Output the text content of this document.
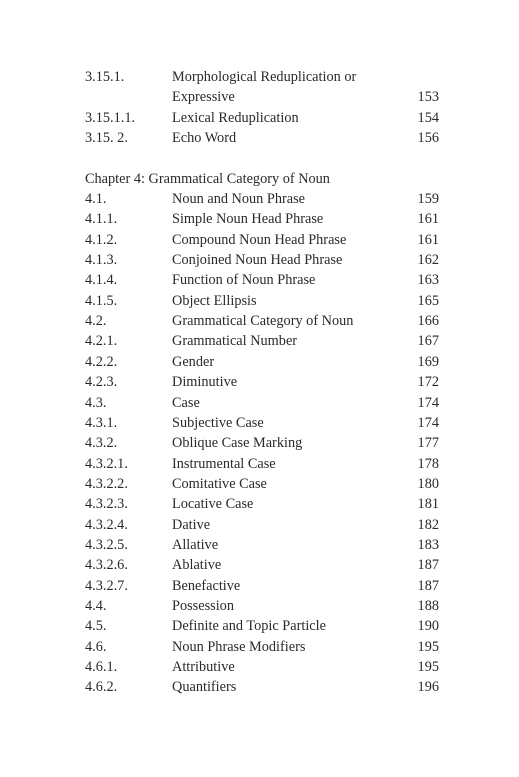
3.15.1.	Morphological Reduplication or
Expressive	153
3.15.1.1.	Lexical Reduplication	154
3.15. 2.	Echo Word	156
Chapter 4: Grammatical Category of Noun
4.1.	Noun and Noun Phrase	159
4.1.1.	Simple Noun Head Phrase	161
4.1.2.	Compound Noun Head Phrase	161
4.1.3.	Conjoined Noun Head Phrase	162
4.1.4.	Function of Noun Phrase	163
4.1.5.	Object Ellipsis	165
4.2.	Grammatical Category of Noun	166
4.2.1.	Grammatical Number	167
4.2.2.	Gender	169
4.2.3.	Diminutive	172
4.3.	Case	174
4.3.1.	Subjective Case	174
4.3.2.	Oblique Case Marking	177
4.3.2.1.	Instrumental Case	178
4.3.2.2.	Comitative Case	180
4.3.2.3.	Locative Case	181
4.3.2.4.	Dative	182
4.3.2.5.	Allative	183
4.3.2.6.	Ablative	187
4.3.2.7.	Benefactive	187
4.4.	Possession	188
4.5.	Definite and Topic Particle	190
4.6.	Noun Phrase Modifiers	195
4.6.1.	Attributive	195
4.6.2.	Quantifiers	196
